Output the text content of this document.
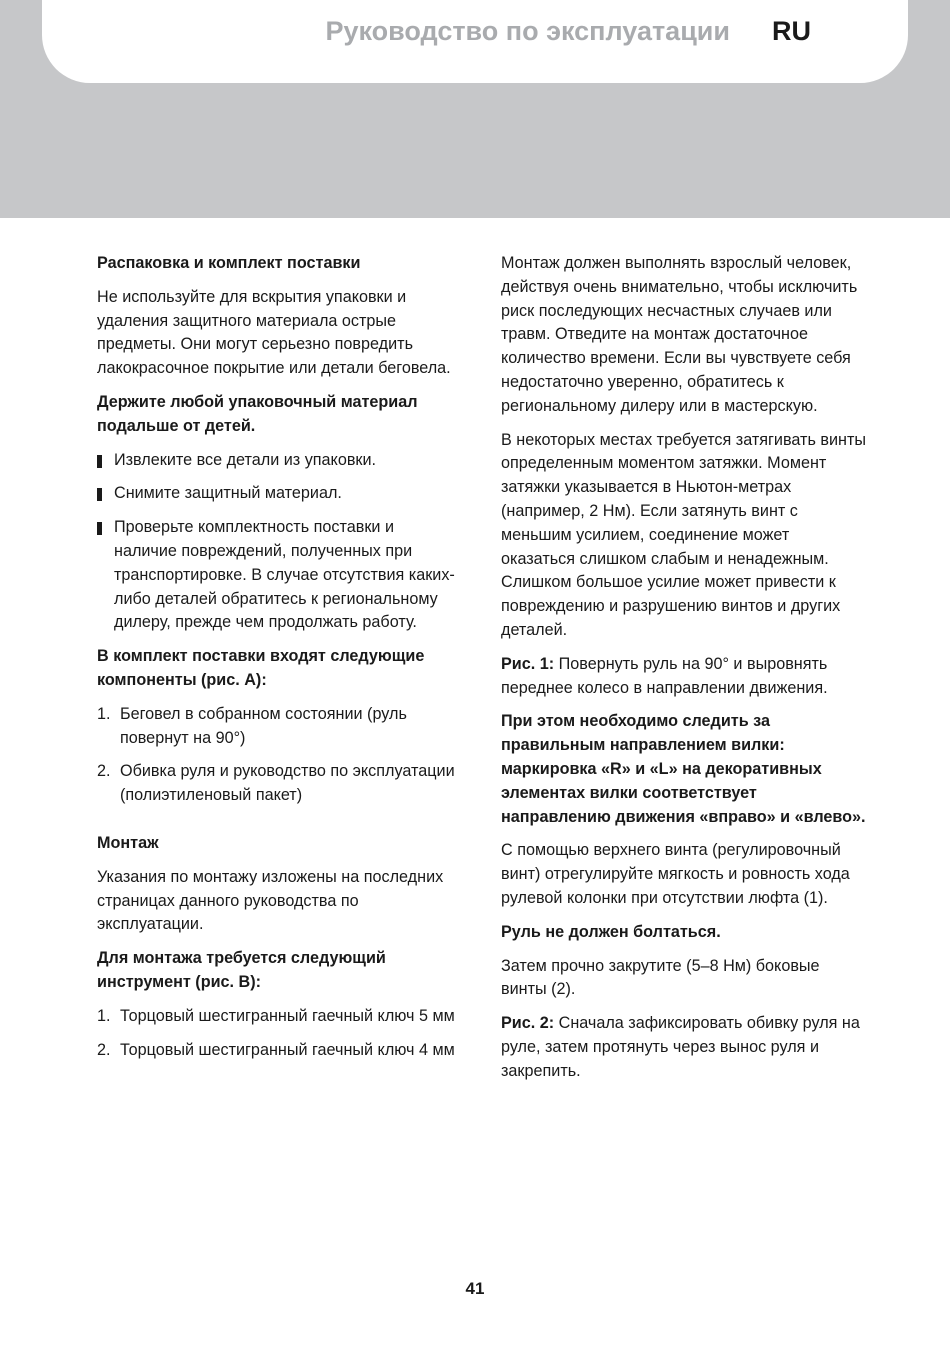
Руководство по эксплуатации RU

Распаковка и комплект поставки

Не используйте для вскрытия упаковки и удаления защитного материала острые предметы. Они могут серьезно повредить лакокрасочное покрытие или детали беговела.

Держите любой упаковочный материал подальше от детей.

Извлеките все детали из упаковки.
Снимите защитный материал.
Проверьте комплектность поставки и наличие повреждений, полученных при транспортировке. В случае отсутствия каких-либо деталей обратитесь к региональному дилеру, прежде чем продолжать работу.

В комплект поставки входят следующие компоненты (рис. A):

1. Беговел в собранном состоянии (руль повернут на 90°)
2. Обивка руля и руководство по эксплуатации (полиэтиленовый пакет)

Монтаж

Указания по монтажу изложены на последних страницах данного руководства по эксплуатации.

Для монтажа требуется следующий инструмент (рис. B):

1. Торцовый шестигранный гаечный ключ 5 мм
2. Торцовый шестигранный гаечный ключ 4 мм

Монтаж должен выполнять взрослый человек, действуя очень внимательно, чтобы исключить риск последующих несчастных случаев или травм. Отведите на монтаж достаточное количество времени. Если вы чувствуете себя недостаточно уверенно, обратитесь к региональному дилеру или в мастерскую.

В некоторых местах требуется затягивать винты определенным моментом затяжки. Момент затяжки указывается в Ньютон-метрах (например, 2 Нм). Если затянуть винт с меньшим усилием, соединение может оказаться слишком слабым и ненадежным. Слишком большое усилие может привести к повреждению и разрушению винтов и других деталей.

Рис. 1: Повернуть руль на 90° и выровнять переднее колесо в направлении движения.

При этом необходимо следить за правильным направлением вилки: маркировка «R» и «L» на декоративных элементах вилки соответствует направлению движения «вправо» и «влево».

С помощью верхнего винта (регулировочный винт) отрегулируйте мягкость и ровность хода рулевой колонки при отсутствии люфта (1).

Руль не должен болтаться.

Затем прочно закрутите (5–8 Нм) боковые винты (2).

Рис. 2: Сначала зафиксировать обивку руля на руле, затем протянуть через вынос руля и закрепить.

41
